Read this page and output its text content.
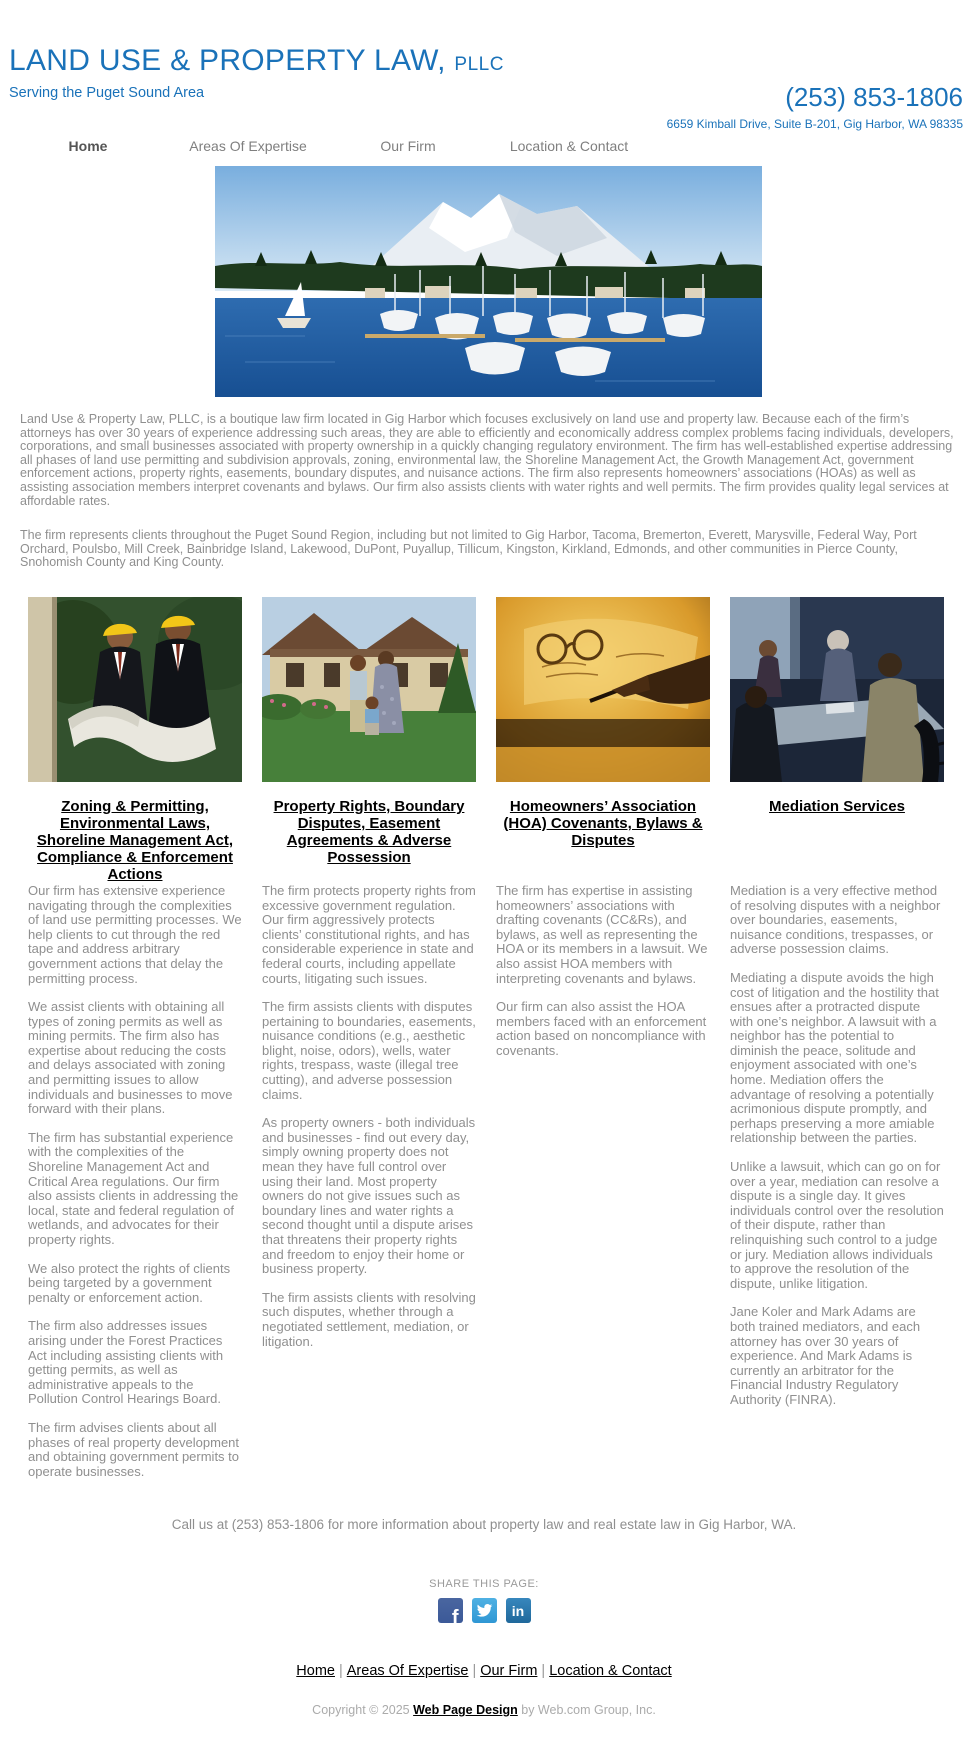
LAND USE & PROPERTY LAW, PLLC
Serving the Puget Sound Area	(253) 853-1806
6659 Kimball Drive, Suite B-201, Gig Harbor, WA 98335
Home	Areas Of Expertise	Our Firm	Location & Contact

Land Use & Property Law, PLLC, is a boutique law firm located in Gig Harbor which focuses exclusively on land use and property law. Because each of the firm’s attorneys has over 30 years of experience addressing such areas, they are able to efficiently and economically address complex problems facing individuals, developers, corporations, and small businesses associated with property ownership in a quickly changing regulatory environment. The firm has well-established expertise addressing all phases of land use permitting and subdivision approvals, zoning, environmental law, the Shoreline Management Act, the Growth Management Act, government enforcement actions, property rights, easements, boundary disputes, and nuisance actions. The firm also represents homeowners’ associations (HOAs) as well as assisting association members interpret covenants and bylaws. Our firm also assists clients with water rights and well permits. The firm provides quality legal services at affordable rates.

The firm represents clients throughout the Puget Sound Region, including but not limited to Gig Harbor, Tacoma, Bremerton, Everett, Marysville, Federal Way, Port Orchard, Poulsbo, Mill Creek, Bainbridge Island, Lakewood, DuPont, Puyallup, Tillicum, Kingston, Kirkland, Edmonds, and other communities in Pierce County, Snohomish County and King County.

Zoning & Permitting, Environmental Laws, Shoreline Management Act, Compliance & Enforcement Actions

Our firm has extensive experience navigating through the complexities of land use permitting processes. We help clients to cut through the red tape and address arbitrary government actions that delay the permitting process.

We assist clients with obtaining all types of zoning permits as well as mining permits. The firm also has expertise about reducing the costs and delays associated with zoning and permitting issues to allow individuals and businesses to move forward with their plans.

The firm has substantial experience with the complexities of the Shoreline Management Act and Critical Area regulations. Our firm also assists clients in addressing the local, state and federal regulation of wetlands, and advocates for their property rights.

We also protect the rights of clients being targeted by a government penalty or enforcement action.

The firm also addresses issues arising under the Forest Practices Act including assisting clients with getting permits, as well as administrative appeals to the Pollution Control Hearings Board.

The firm advises clients about all phases of real property development and obtaining government permits to operate businesses.

Property Rights, Boundary Disputes, Easement Agreements & Adverse Possession

The firm protects property rights from excessive government regulation. Our firm aggressively protects clients’ constitutional rights, and has considerable experience in state and federal courts, including appellate courts, litigating such issues.

The firm assists clients with disputes pertaining to boundaries, easements, nuisance conditions (e.g., aesthetic blight, noise, odors), wells, water rights, trespass, waste (illegal tree cutting), and adverse possession claims.

As property owners - both individuals and businesses - find out every day, simply owning property does not mean they have full control over using their land. Most property owners do not give issues such as boundary lines and water rights a second thought until a dispute arises that threatens their property rights and freedom to enjoy their home or business property.

The firm assists clients with resolving such disputes, whether through a negotiated settlement, mediation, or litigation.

Homeowners’ Association (HOA) Covenants, Bylaws & Disputes

The firm has expertise in assisting homeowners’ associations with drafting covenants (CC&Rs), and bylaws, as well as representing the HOA or its members in a lawsuit. We also assist HOA members with interpreting covenants and bylaws.

Our firm can also assist the HOA members faced with an enforcement action based on noncompliance with covenants.

Mediation Services

Mediation is a very effective method of resolving disputes with a neighbor over boundaries, easements, nuisance conditions, trespasses, or adverse possession claims.

Mediating a dispute avoids the high cost of litigation and the hostility that ensues after a protracted dispute with one’s neighbor. A lawsuit with a neighbor has the potential to diminish the peace, solitude and enjoyment associated with one’s home. Mediation offers the advantage of resolving a potentially acrimonious dispute promptly, and perhaps preserving a more amiable relationship between the parties.

Unlike a lawsuit, which can go on for over a year, mediation can resolve a dispute is a single day. It gives individuals control over the resolution of their dispute, rather than relinquishing such control to a judge or jury. Mediation allows individuals to approve the resolution of the dispute, unlike litigation.

Jane Koler and Mark Adams are both trained mediators, and each attorney has over 30 years of experience. And Mark Adams is currently an arbitrator for the Financial Industry Regulatory Authority (FINRA).

Call us at (253) 853-1806 for more information about property law and real estate law in Gig Harbor, WA.
SHARE THIS PAGE:
f	in
Home | Areas Of Expertise | Our Firm | Location & Contact
Copyright © 2025 Web Page Design by Web.com Group, Inc.
